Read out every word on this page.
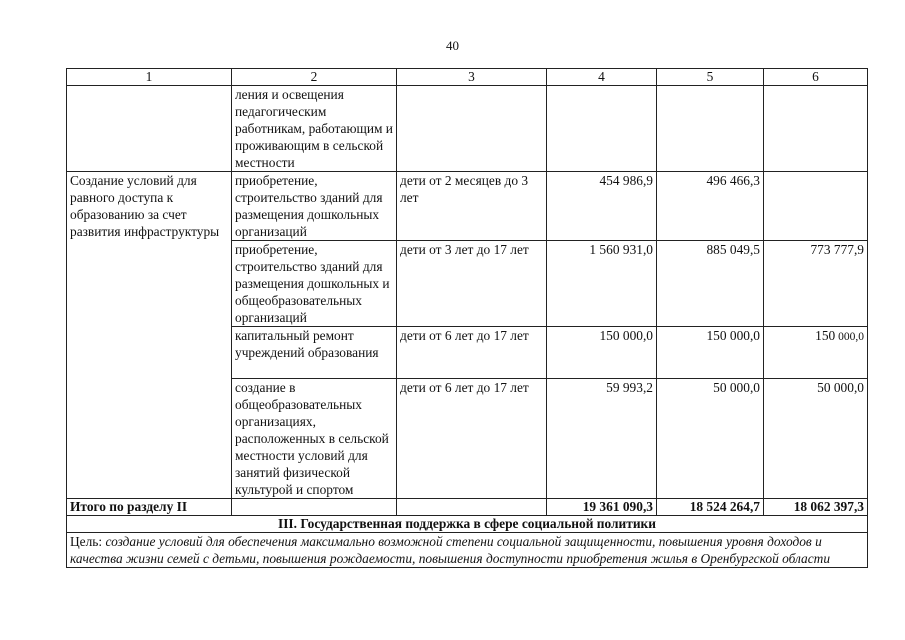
40
1	2	3	4	5	6
	ления и освещения педагогическим работникам, работающим и проживающим в сельской местности				
Создание условий для равного доступа к образованию за счет развития инфраструктуры	приобретение, строительство зданий для размещения дошкольных организаций	дети от 2 месяцев до 3 лет	454 986,9	496 466,3	
	приобретение, строительство зданий для размещения дошкольных и общеобразовательных организаций	дети от 3 лет до 17 лет	1 560 931,0	885 049,5	773 777,9
	капитальный ремонт учреждений образования	дети от 6 лет до 17 лет	150 000,0	150 000,0	150 000,0
	создание в общеобразовательных организациях, расположенных в сельской местности условий для занятий физической культурой и спортом	дети от 6 лет до 17 лет	59 993,2	50 000,0	50 000,0
Итого по разделу II			19 361 090,3	18 524 264,7	18 062 397,3
III. Государственная поддержка в сфере социальной политики					
Цель: создание условий для обеспечения максимально возможной степени социальной защищенности, повышения уровня доходов и качества жизни семей с детьми, повышения рождаемости, повышения доступности приобретения жилья в Оренбургской области					
